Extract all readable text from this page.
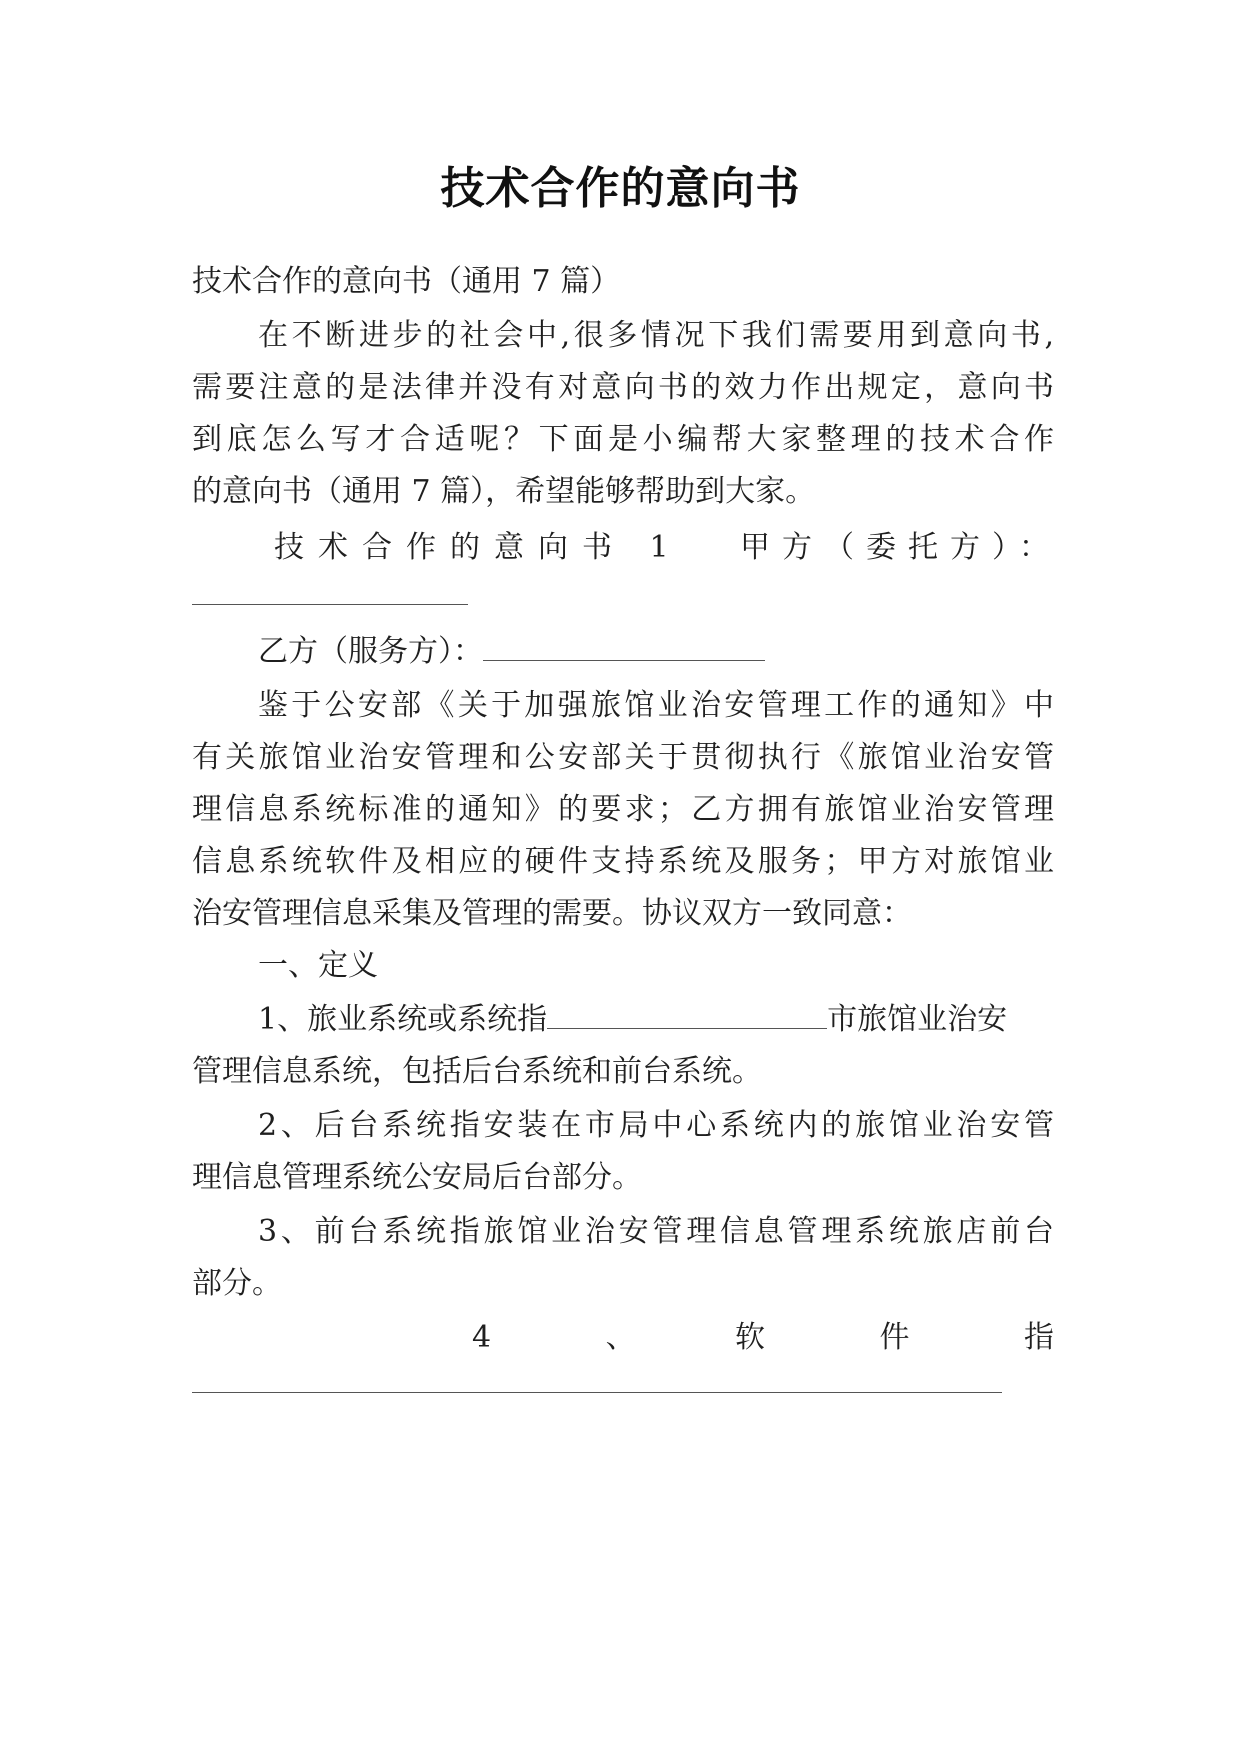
技术合作的意向书
技术合作的意向书（通用 7 篇）
在不断进步的社会中,很多情况下我们需要用到意向书,
需要注意的是法律并没有对意向书的效力作出规定，意向书
到底怎么写才合适呢？下面是小编帮大家整理的技术合作
的意向书（通用 7 篇），希望能够帮助到大家。
技术合作的意向书 1 甲方（委托方）：
乙方（服务方）：
鉴于公安部《关于加强旅馆业治安管理工作的通知》中
有关旅馆业治安管理和公安部关于贯彻执行《旅馆业治安管
理信息系统标准的通知》的要求；乙方拥有旅馆业治安管理
信息系统软件及相应的硬件支持系统及服务；甲方对旅馆业
治安管理信息采集及管理的需要。协议双方一致同意：
一、定义
1、旅业系统或系统指	市旅馆业治安
管理信息系统，包括后台系统和前台系统。
2、后台系统指安装在市局中心系统内的旅馆业治安管
理信息管理系统公安局后台部分。
3、前台系统指旅馆业治安管理信息管理系统旅店前台
部分。
4　、　软　件　指
